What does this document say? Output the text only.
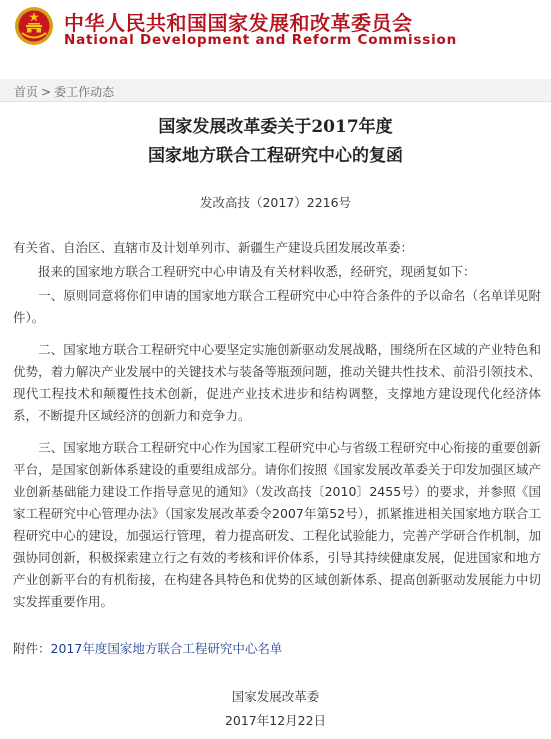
中华人民共和国国家发展和改革委员会
National Development and Reform Commission
首页 > 委工作动态
国家发展改革委关于2017年度
国家地方联合工程研究中心的复函
发改高技（2017）2216号
有关省、自治区、直辖市及计划单列市、新疆生产建设兵团发展改革委：
　　报来的国家地方联合工程研究中心申请及有关材料收悉，经研究，现函复如下：
　　一、原则同意将你们申请的国家地方联合工程研究中心中符合条件的予以命名（名单详见附件）。
　　二、国家地方联合工程研究中心要坚定实施创新驱动发展战略，围绕所在区域的产业特色和优势，着力解决产业发展中的关键技术与装备等瓶颈问题，推动关键共性技术、前沿引领技术、现代工程技术和颠覆性技术创新，促进产业技术进步和结构调整，支撑地方建设现代化经济体系，不断提升区域经济的创新力和竞争力。
　　三、国家地方联合工程研究中心作为国家工程研究中心与省级工程研究中心衔接的重要创新平台，是国家创新体系建设的重要组成部分。请你们按照《国家发展改革委关于印发加强区域产业创新基础能力建设工作指导意见的通知》（发改高技〔2010〕2455号）的要求，并参照《国家工程研究中心管理办法》（国家发展改革委令2007年第52号），抓紧推进相关国家地方联合工程研究中心的建设，加强运行管理，着力提高研发、工程化试验能力，完善产学研合作机制，加强协同创新，积极探索建立行之有效的考核和评价体系，引导其持续健康发展，促进国家和地方产业创新平台的有机衔接，在构建各具特色和优势的区域创新体系、提高创新驱动发展能力中切实发挥重要作用。
附件：2017年度国家地方联合工程研究中心名单
国家发展改革委
2017年12月22日
